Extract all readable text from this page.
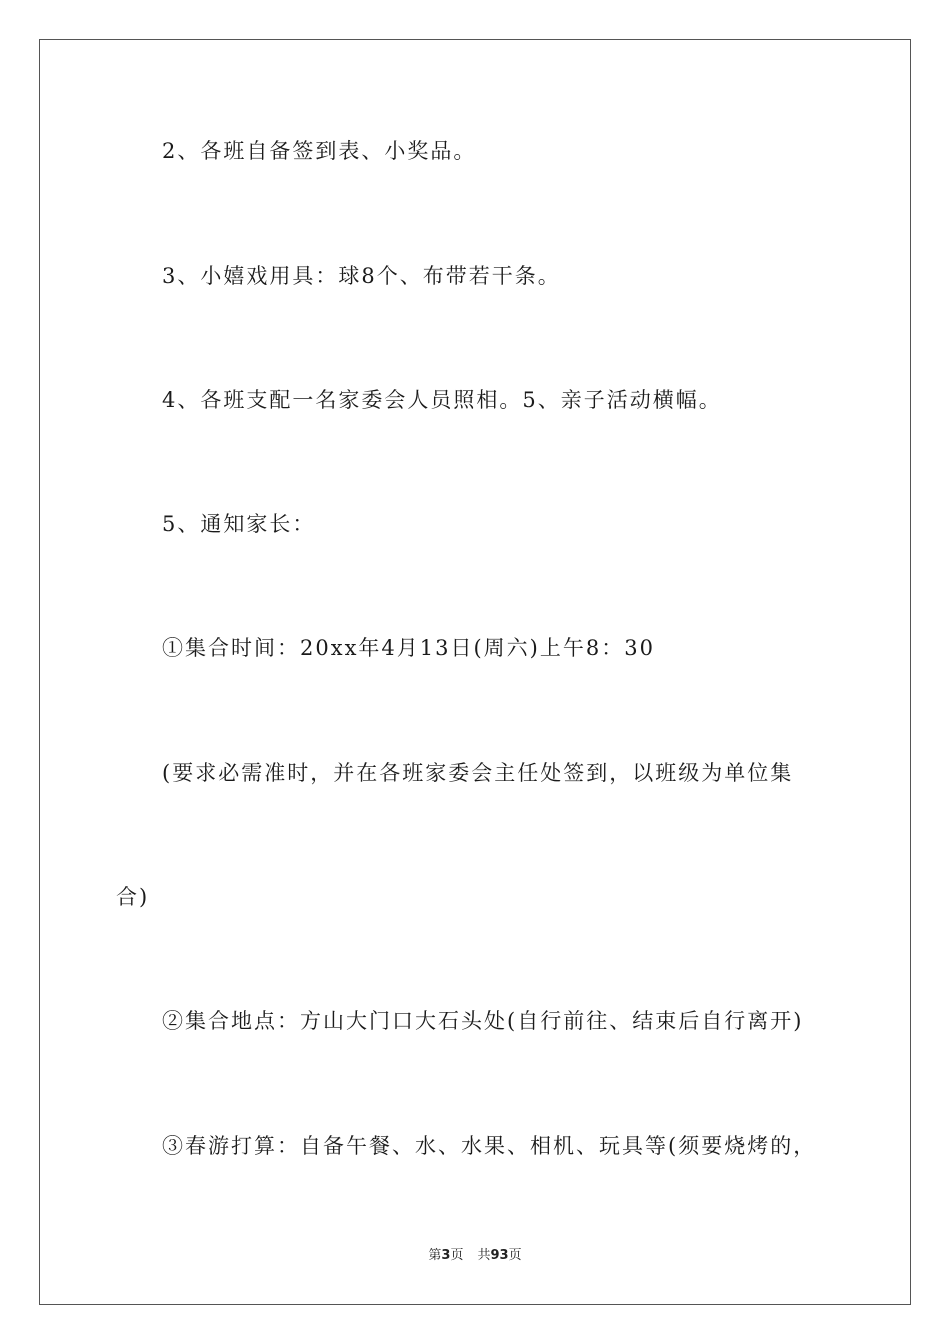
2、各班自备签到表、小奖品。
3、小嬉戏用具：球8个、布带若干条。
4、各班支配一名家委会人员照相。5、亲子活动横幅。
5、通知家长：
①集合时间：20xx年4月13日(周六)上午8：30
(要求必需准时，并在各班家委会主任处签到，以班级为单位集
合)
②集合地点：方山大门口大石头处(自行前往、结束后自行离开)
③春游打算：自备午餐、水、水果、相机、玩具等(须要烧烤的，
第3页 共93页
